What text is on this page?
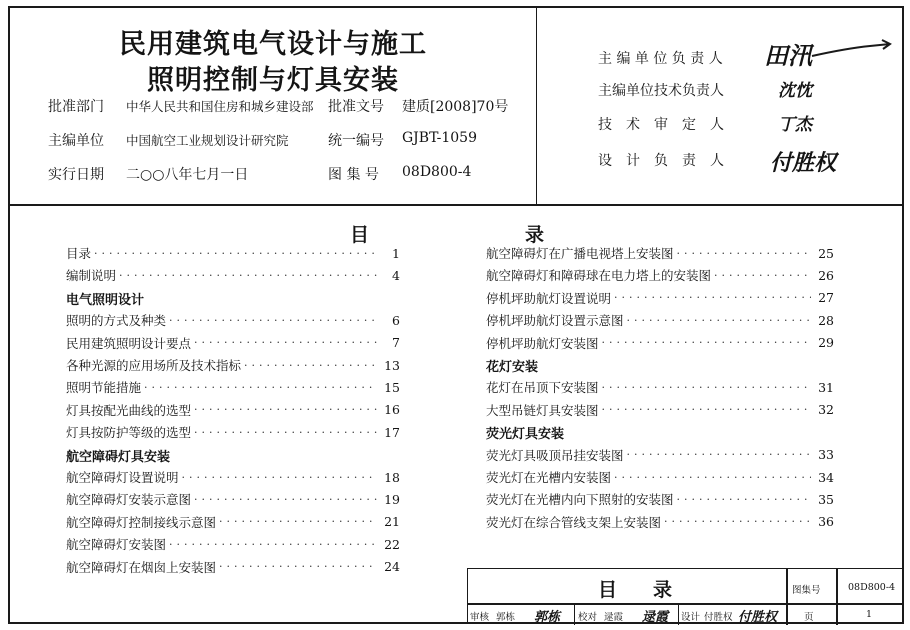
民用建筑电气设计与施工
照明控制与灯具安装
批准部门 中华人民共和国住房和城乡建设部 批准文号 建质[2008]70号
主编单位 中国航空工业规划设计研究院	统一编号 GJBT-1059
实行日期 二○○八年七月一日	图 集 号 08D800-4
主 编 单 位 负 责 人 田汛
主编单位技术负责人	沈忱
技　术　审　定　人	丁杰
设　计　负　责　人 付胜权
目	录
目录 ·····	1
编制说明 ·····	4
电气照明设计
照明的方式及种类 ·····	6
民用建筑照明设计要点 ·····	7
各种光源的应用场所及技术指标 ·····	13
照明节能措施 ·····	15
灯具按配光曲线的选型 ·····	16
灯具按防护等级的选型 ·····	17
航空障碍灯具安装
航空障碍灯设置说明 ·····	18
航空障碍灯安装示意图 ·····	19
航空障碍灯控制接线示意图 ·····	21
航空障碍灯安装图 ·····	22
航空障碍灯在烟囱上安装图 ·····	24
航空障碍灯在广播电视塔上安装图 ·····	25
航空障碍灯和障碍球在电力塔上的安装图 ·····	26
停机坪助航灯设置说明 ·····	27
停机坪助航灯设置示意图 ·····	28
停机坪助航灯安装图 ·····	29
花灯安装
花灯在吊顶下安装图 ·····	31
大型吊链灯具安装图 ·····	32
荧光灯具安装
荧光灯具吸顶吊挂安装图 ·····	33
荧光灯在光槽内安装图 ·····	34
荧光灯在光槽内向下照射的安装图 ·····	35
荧光灯在综合管线支架上安装图 ·····	36
目 录	图集号	08D800-4
审核 郭栋 郭栋 校对 逯霞 逯霞 设计 付胜权 付胜权	页	1
